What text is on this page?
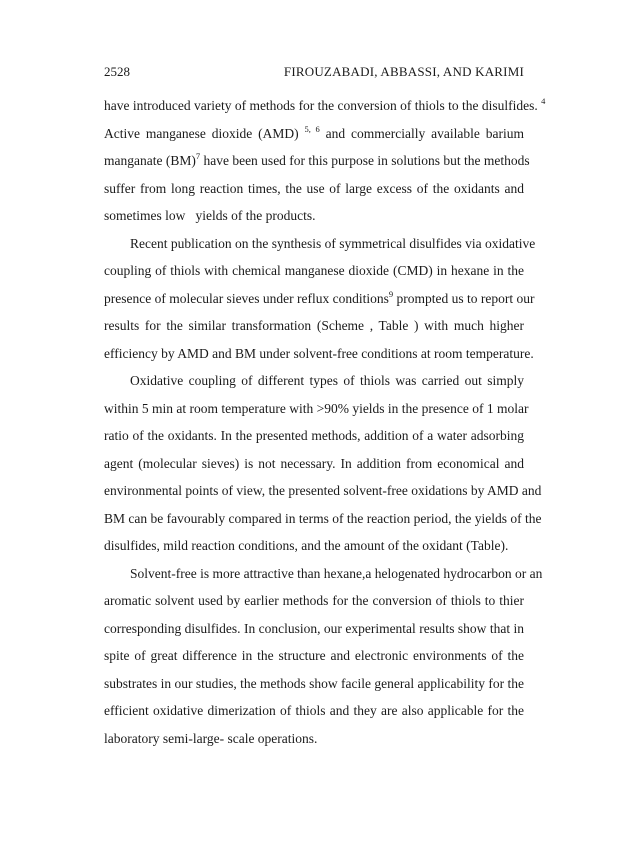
2528	FIROUZABADI, ABBASSI, AND KARIMI
have introduced variety of methods for the conversion of thiols to the disulfides. $^4$
Active manganese dioxide (AMD) $^{5, 6}$ and commercially available barium
manganate (BM)$^7$ have been used for this purpose in solutions but the methods
suffer from long reaction times, the use of large excess of the oxidants and
sometimes low   yields of the products.
Recent publication on the synthesis of symmetrical disulfides via oxidative
coupling of thiols with chemical manganese dioxide (CMD) in hexane in the
presence of molecular sieves under reflux conditions$^9$ prompted us to report our
results for the similar transformation (Scheme , Table ) with much higher
efficiency by AMD and BM under solvent-free conditions at room temperature.
Oxidative coupling of different types of thiols was carried out simply
within 5 min at room temperature with >90% yields in the presence of 1 molar
ratio of the oxidants. In the presented methods, addition of a water adsorbing
agent (molecular sieves) is not necessary. In addition from economical and
environmental points of view, the presented solvent-free oxidations by AMD and
BM can be favourably compared in terms of the reaction period, the yields of the
disulfides, mild reaction conditions, and the amount of the oxidant (Table).
Solvent-free is more attractive than hexane,a helogenated hydrocarbon or an
aromatic solvent used by earlier methods for the conversion of thiols to thier
corresponding disulfides. In conclusion, our experimental results show that in
spite of great difference in the structure and electronic environments of the
substrates in our studies, the methods show facile general applicability for the
efficient oxidative dimerization of thiols and they are also applicable for the
laboratory semi-large- scale operations.
